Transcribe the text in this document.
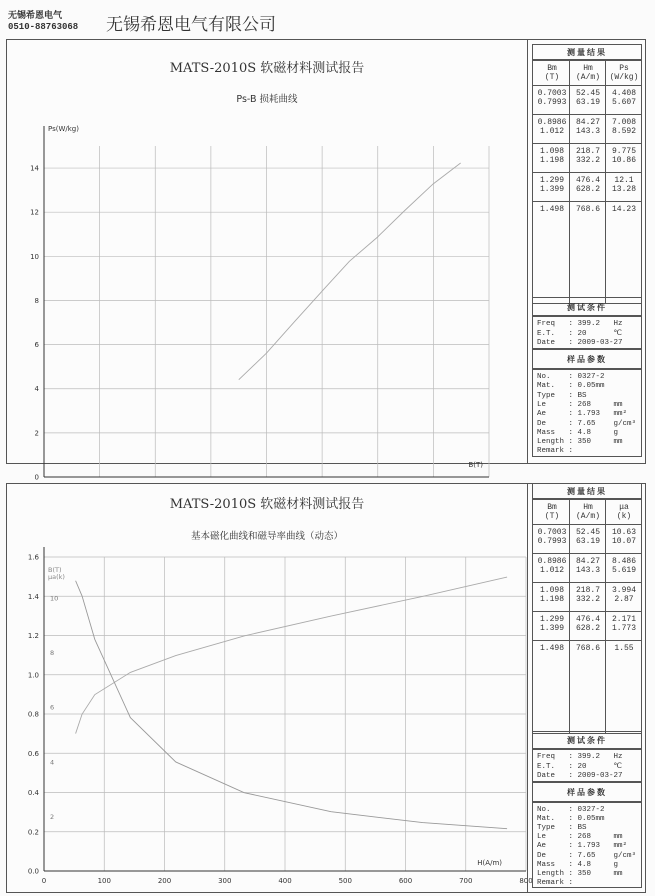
无锡希恩电气
0510-88763068 无锡希恩电气有限公司
MATS-2010S 软磁材料测试报告
Ps-B 损耗曲线
0
2
4
6
8
10
12
14
Ps(W/kg)
B(T)
测量结果
Bm
(T)
Hm
(A/m)
Ps
(W/kg)
0.7003	52.45	4.408
0.7993	63.19	5.607
0.8986	84.27	7.008
1.012	143.3	8.592
1.098	218.7	9.775
1.198	332.2	10.86
1.299	476.4	12.1
1.399	628.2	13.28
1.498	768.6	14.23
测试条件
Freq   : 399.2   Hz
E.T.   : 20      ℃
Date   : 2009-03-27
样品参数
No.    : 0327-2
Mat.   : 0.05mm
Type   : BS
Le     : 268     mm
Ae     : 1.793   mm²
De     : 7.65    g/cm³
Mass   : 4.8     g
Length : 350     mm
Remark :
MATS-2010S 软磁材料测试报告
基本磁化曲线和磁导率曲线（动态）
0	100	200	300	400	500	600	700	800
0.0
0.2
0.4
0.6
0.8
1.0
1.2
1.4
1.6
2
4
6
8
10
B(T)
μa(k)
H(A/m)
测量结果
Bm
(T)
Hm
(A/m)
μa
(k)
0.7003	52.45	10.63
0.7993	63.19	10.07
0.8986	84.27	8.486
1.012	143.3	5.619
1.098	218.7	3.994
1.198	332.2	2.87
1.299	476.4	2.171
1.399	628.2	1.773
1.498	768.6	1.55
测试条件
Freq   : 399.2   Hz
E.T.   : 20      ℃
Date   : 2009-03-27
样品参数
No.    : 0327-2
Mat.   : 0.05mm
Type   : BS
Le     : 268     mm
Ae     : 1.793   mm²
De     : 7.65    g/cm³
Mass   : 4.8     g
Length : 350     mm
Remark :
